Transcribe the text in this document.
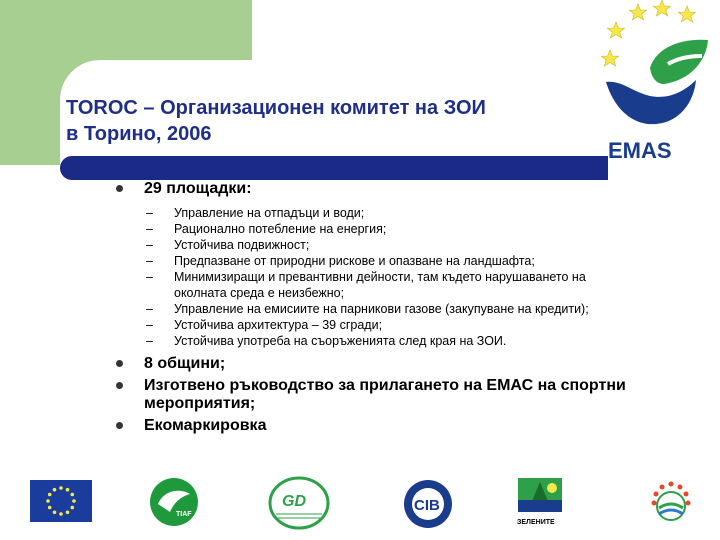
EMAS
TOROC – Организационен комитет на ЗОИ
в Торино, 2006
29 площадки:
– Управление на отпадъци и води;
– Рационално потебление на енергия;
– Устойчива подвижност;
– Предпазване от природни рискове и опазване на ландшафта;
– Минимизиращи и превантивни дейности, там където нарушаването на
околната среда е неизбежно;
– Управление на емисиите на парникови газове (закупуване на кредити);
– Устойчива архитектура – 39 сгради;
– Устойчива употреба на съоръженията след края на ЗОИ.
8 общини;
Изготвено ръководство за прилагането на ЕМАС на спортни мероприятия;
Екомаркировка
TIAF
GD	CIB
ЗЕЛЕНИТЕ
